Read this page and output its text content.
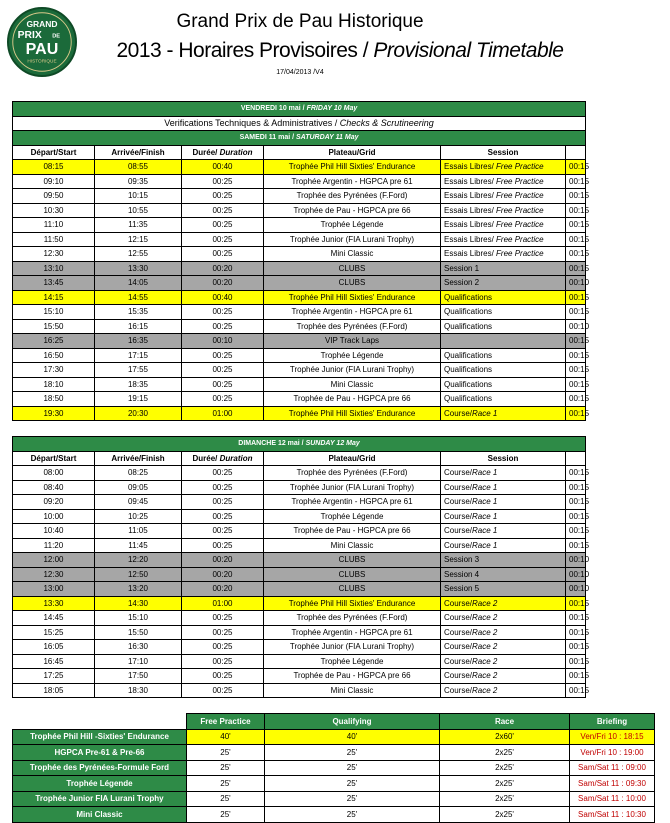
GRAND
PRIX DE
PAU
HISTORIQUE
Grand Prix de Pau Historique
2013 - Horaires Provisoires / Provisional Timetable
17/04/2013 /V4
VENDREDI 10 mai / FRIDAY 10 May					
Verifications Techniques & Administratives / Checks & Scrutineering					
SAMEDI 11 mai / SATURDAY 11 May					
Départ/Start	Arrivée/Finish	Durée/ Duration	Plateau/Grid	Session	
08:15	08:55	00:40	Trophée Phil Hill Sixties' Endurance	Essais Libres/ Free Practice	00:15
09:10	09:35	00:25	Trophée Argentin - HGPCA pre 61	Essais Libres/ Free Practice	00:15
09:50	10:15	00:25	Trophée des Pyrénées (F.Ford)	Essais Libres/ Free Practice	00:15
10:30	10:55	00:25	Trophée de Pau - HGPCA pre 66	Essais Libres/ Free Practice	00:15
11:10	11:35	00:25	Trophée Légende	Essais Libres/ Free Practice	00:15
11:50	12:15	00:25	Trophée Junior (FIA Lurani Trophy)	Essais Libres/ Free Practice	00:15
12:30	12:55	00:25	Mini Classic	Essais Libres/ Free Practice	00:15
13:10	13:30	00:20	CLUBS	Session 1	00:15
13:45	14:05	00:20	CLUBS	Session 2	00:10
14:15	14:55	00:40	Trophée Phil Hill Sixties' Endurance	Qualifications	00:15
15:10	15:35	00:25	Trophée Argentin - HGPCA pre 61	Qualifications	00:15
15:50	16:15	00:25	Trophée des Pyrénées (F.Ford)	Qualifications	00:10
16:25	16:35	00:10	VIP Track Laps		00:15
16:50	17:15	00:25	Trophée Légende	Qualifications	00:15
17:30	17:55	00:25	Trophée Junior (FIA Lurani Trophy)	Qualifications	00:15
18:10	18:35	00:25	Mini Classic	Qualifications	00:15
18:50	19:15	00:25	Trophée de Pau - HGPCA pre 66	Qualifications	00:15
19:30	20:30	01:00	Trophée Phil Hill Sixties' Endurance	Course/Race 1	00:15
DIMANCHE 12 mai / SUNDAY 12 May					
Départ/Start	Arrivée/Finish	Durée/ Duration	Plateau/Grid	Session	
08:00	08:25	00:25	Trophée des Pyrénées (F.Ford)	Course/Race 1	00:15
08:40	09:05	00:25	Trophée Junior (FIA Lurani Trophy)	Course/Race 1	00:15
09:20	09:45	00:25	Trophée Argentin - HGPCA pre 61	Course/Race 1	00:15
10:00	10:25	00:25	Trophée Légende	Course/Race 1	00:15
10:40	11:05	00:25	Trophée de Pau - HGPCA pre 66	Course/Race 1	00:15
11:20	11:45	00:25	Mini Classic	Course/Race 1	00:15
12:00	12:20	00:20	CLUBS	Session 3	00:10
12:30	12:50	00:20	CLUBS	Session 4	00:10
13:00	13:20	00:20	CLUBS	Session 5	00:10
13:30	14:30	01:00	Trophée Phil Hill Sixties' Endurance	Course/Race 2	00:15
14:45	15:10	00:25	Trophée des Pyrénées (F.Ford)	Course/Race 2	00:15
15:25	15:50	00:25	Trophée Argentin - HGPCA pre 61	Course/Race 2	00:15
16:05	16:30	00:25	Trophée Junior (FIA Lurani Trophy)	Course/Race 2	00:15
16:45	17:10	00:25	Trophée Légende	Course/Race 2	00:15
17:25	17:50	00:25	Trophée de Pau - HGPCA pre 66	Course/Race 2	00:15
18:05	18:30	00:25	Mini Classic	Course/Race 2	00:15
	Free Practice	Qualifying	Race	Briefing
Trophée Phil Hill -Sixties' Endurance	40'	40'	2x60'	Ven/Fri 10 : 18:15
HGPCA Pre-61 & Pre-66	25'	25'	2x25'	Ven/Fri 10 : 19:00
Trophée des Pyrénées-Formule Ford	25'	25'	2x25'	Sam/Sat 11 : 09:00
Trophée Légende	25'	25'	2x25'	Sam/Sat 11 : 09:30
Trophée Junior FIA Lurani Trophy	25'	25'	2x25'	Sam/Sat 11 : 10:00
Mini Classic	25'	25'	2x25'	Sam/Sat 11 : 10:30
